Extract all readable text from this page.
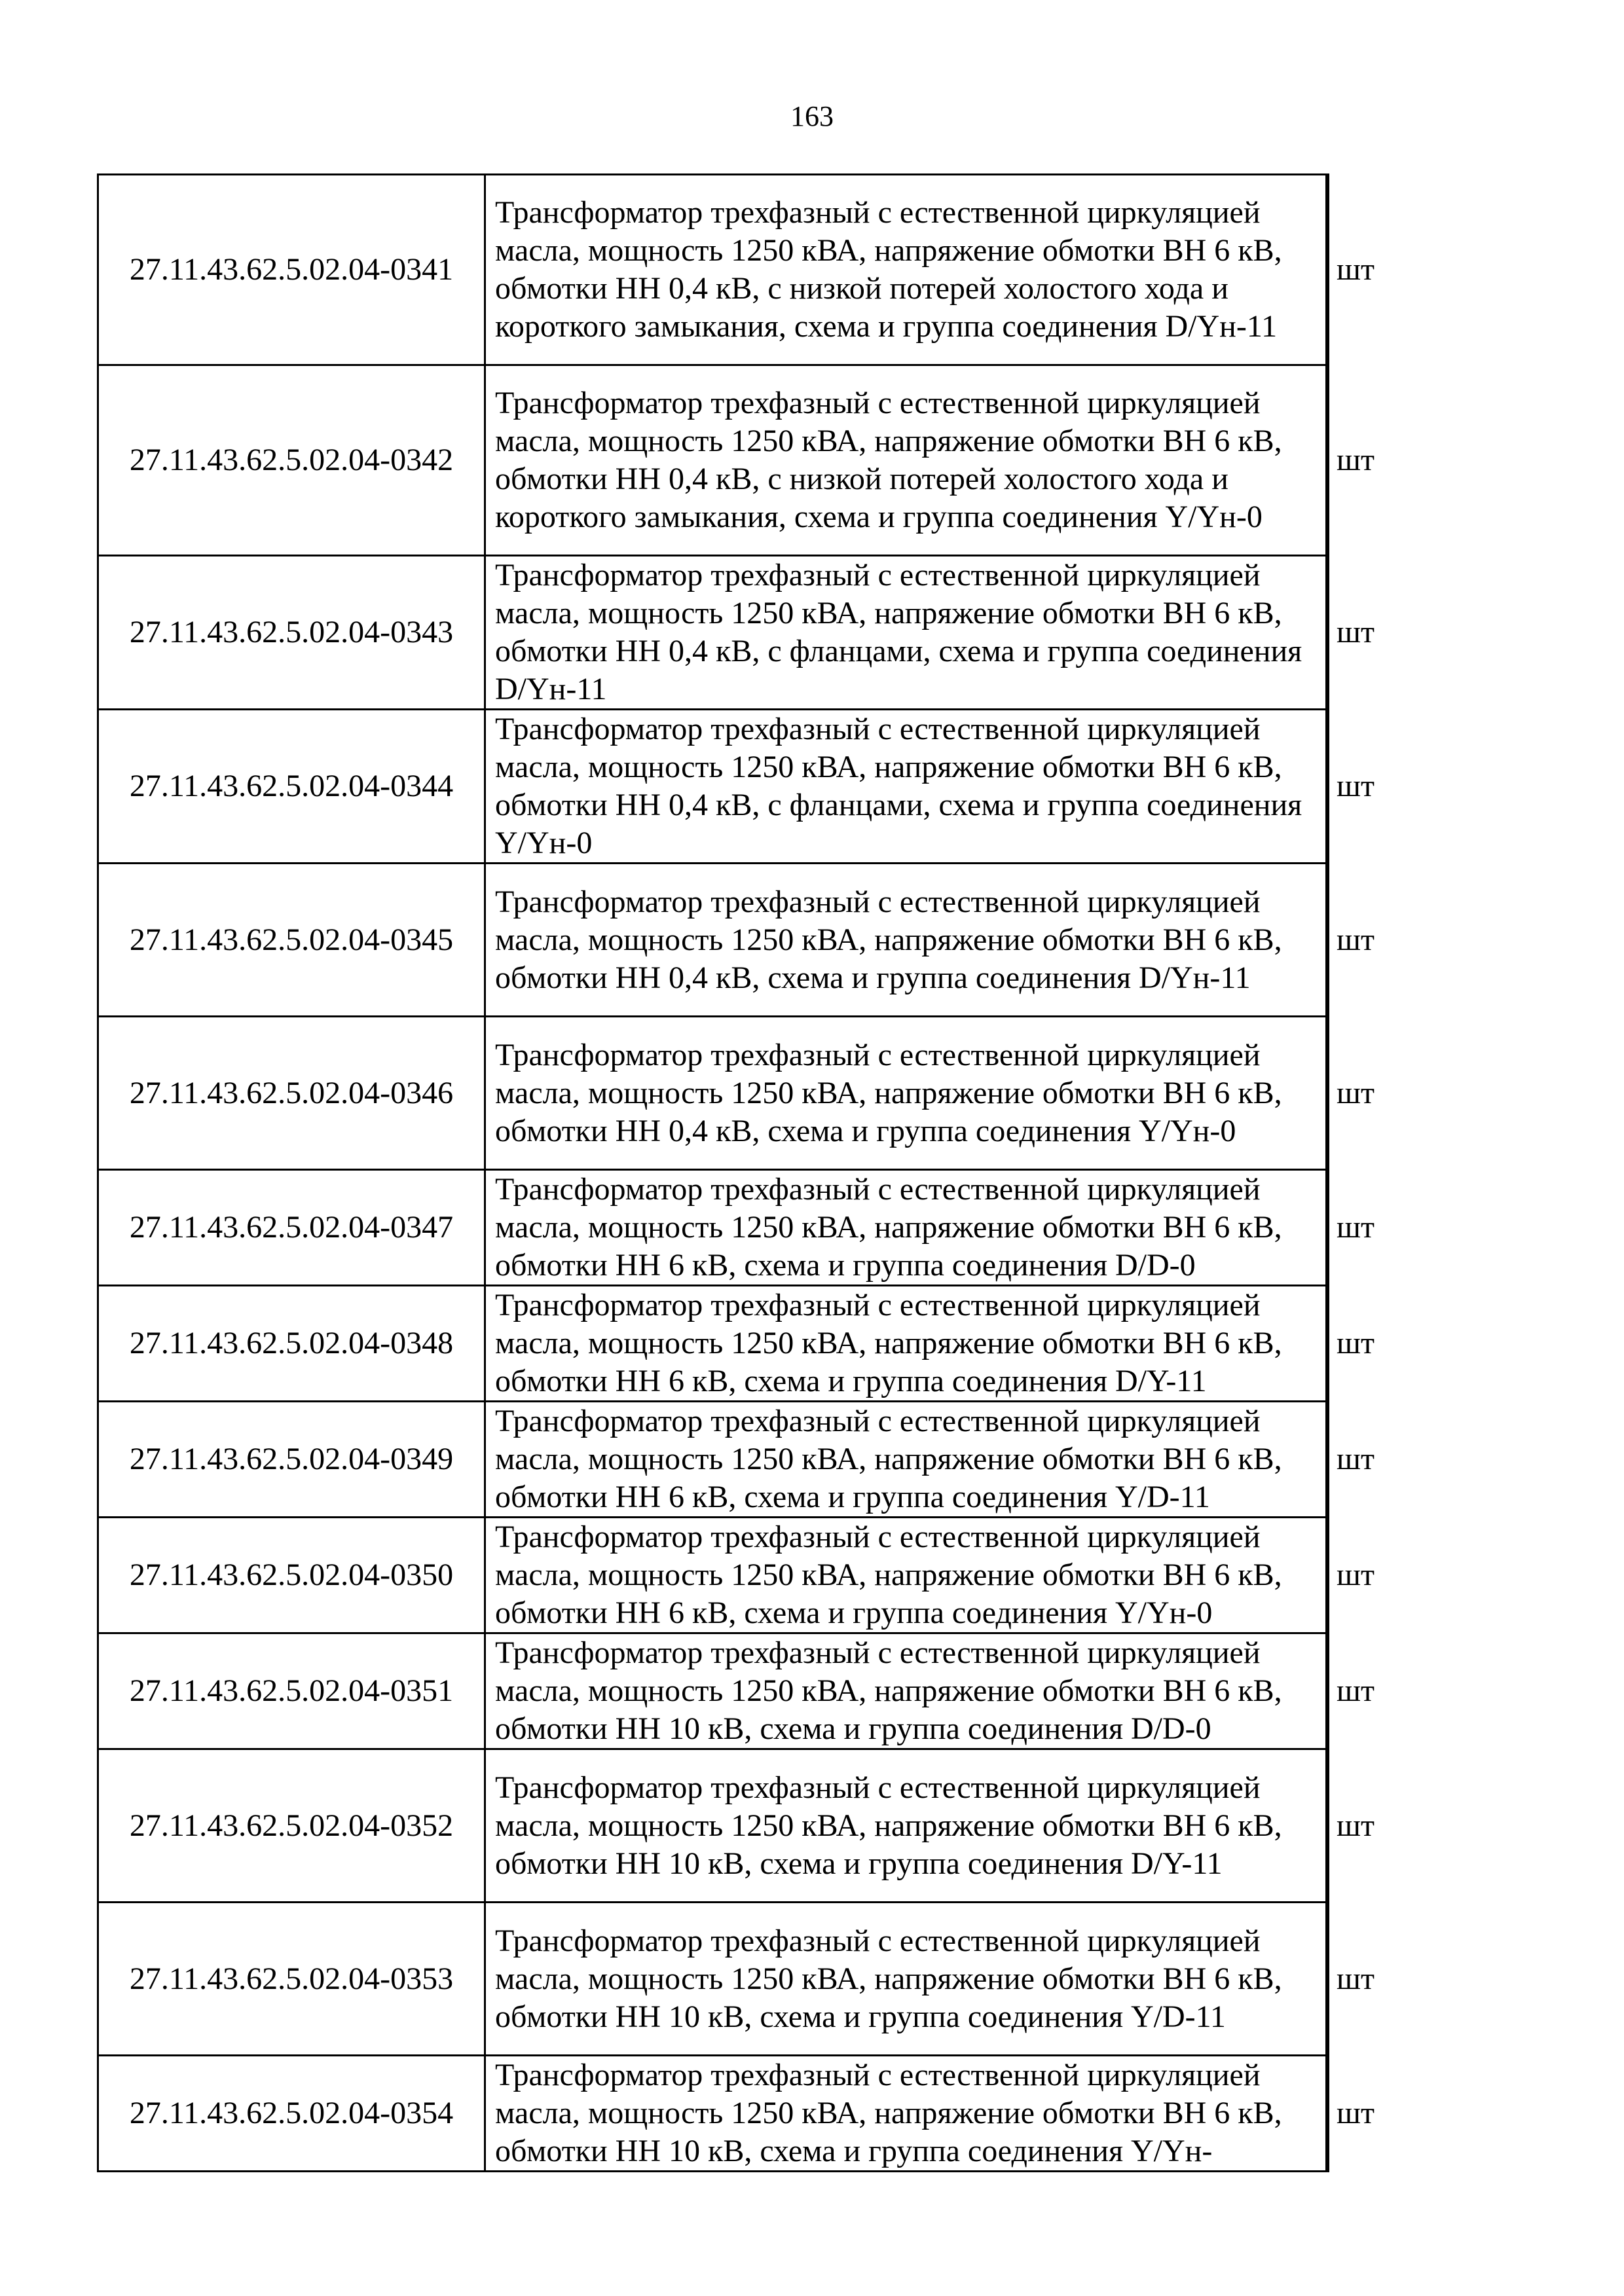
163
27.11.43.62.5.02.04-0341	Трансформатор трехфазный с естественной циркуляцией масла, мощность 1250 кВА, напряжение обмотки ВН 6 кВ, обмотки НН 0,4 кВ, с низкой потерей холостого хода и короткого замыкания, схема и группа соединения D/Yн-11	шт
27.11.43.62.5.02.04-0342	Трансформатор трехфазный с естественной циркуляцией масла, мощность 1250 кВА, напряжение обмотки ВН 6 кВ, обмотки НН 0,4 кВ, с низкой потерей холостого хода и короткого замыкания, схема и группа соединения Y/Yн-0	шт
27.11.43.62.5.02.04-0343	Трансформатор трехфазный с естественной циркуляцией масла, мощность 1250 кВА, напряжение обмотки ВН 6 кВ, обмотки НН 0,4 кВ, с фланцами, схема и группа соединения D/Yн-11	шт
27.11.43.62.5.02.04-0344	Трансформатор трехфазный с естественной циркуляцией масла, мощность 1250 кВА, напряжение обмотки ВН 6 кВ, обмотки НН 0,4 кВ, с фланцами, схема и группа соединения Y/Yн-0	шт
27.11.43.62.5.02.04-0345	Трансформатор трехфазный с естественной циркуляцией масла, мощность 1250 кВА, напряжение обмотки ВН 6 кВ, обмотки НН 0,4 кВ, схема и группа соединения D/Yн-11	шт
27.11.43.62.5.02.04-0346	Трансформатор трехфазный с естественной циркуляцией масла, мощность 1250 кВА, напряжение обмотки ВН 6 кВ, обмотки НН 0,4 кВ, схема и группа соединения Y/Yн-0	шт
27.11.43.62.5.02.04-0347	Трансформатор трехфазный с естественной циркуляцией масла, мощность 1250 кВА, напряжение обмотки ВН 6 кВ, обмотки НН 6 кВ, схема и группа соединения D/D-0	шт
27.11.43.62.5.02.04-0348	Трансформатор трехфазный с естественной циркуляцией масла, мощность 1250 кВА, напряжение обмотки ВН 6 кВ, обмотки НН 6 кВ, схема и группа соединения D/Y-11	шт
27.11.43.62.5.02.04-0349	Трансформатор трехфазный с естественной циркуляцией масла, мощность 1250 кВА, напряжение обмотки ВН 6 кВ, обмотки НН 6 кВ, схема и группа соединения Y/D-11	шт
27.11.43.62.5.02.04-0350	Трансформатор трехфазный с естественной циркуляцией масла, мощность 1250 кВА, напряжение обмотки ВН 6 кВ, обмотки НН 6 кВ, схема и группа соединения Y/Yн-0	шт
27.11.43.62.5.02.04-0351	Трансформатор трехфазный с естественной циркуляцией масла, мощность 1250 кВА, напряжение обмотки ВН 6 кВ, обмотки НН 10 кВ, схема и группа соединения D/D-0	шт
27.11.43.62.5.02.04-0352	Трансформатор трехфазный с естественной циркуляцией масла, мощность 1250 кВА, напряжение обмотки ВН 6 кВ, обмотки НН 10 кВ, схема и группа соединения D/Y-11	шт
27.11.43.62.5.02.04-0353	Трансформатор трехфазный с естественной циркуляцией масла, мощность 1250 кВА, напряжение обмотки ВН 6 кВ, обмотки НН 10 кВ, схема и группа соединения Y/D-11	шт
27.11.43.62.5.02.04-0354	Трансформатор трехфазный с естественной циркуляцией масла, мощность 1250 кВА, напряжение обмотки ВН 6 кВ, обмотки НН 10 кВ, схема и группа соединения Y/Yн-	шт
